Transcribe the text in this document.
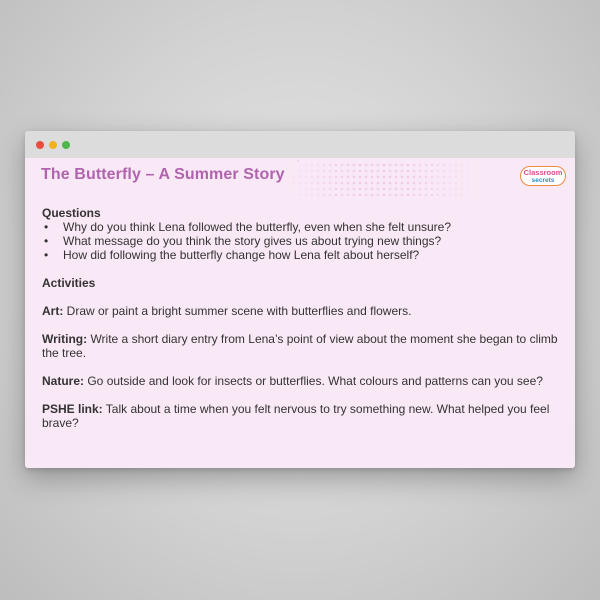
The Butterfly – A Summer Story	Classroom
secrets

Questions

• Why do you think Lena followed the butterfly, even when she felt unsure?
• What message do you think the story gives us about trying new things?
• How did following the butterfly change how Lena felt about herself?

Activities

Art: Draw or paint a bright summer scene with butterflies and flowers.

Writing: Write a short diary entry from Lena’s point of view about the moment she began to climb the tree.

Nature: Go outside and look for insects or butterflies. What colours and patterns can you see?

PSHE link: Talk about a time when you felt nervous to try something new. What helped you feel brave?
